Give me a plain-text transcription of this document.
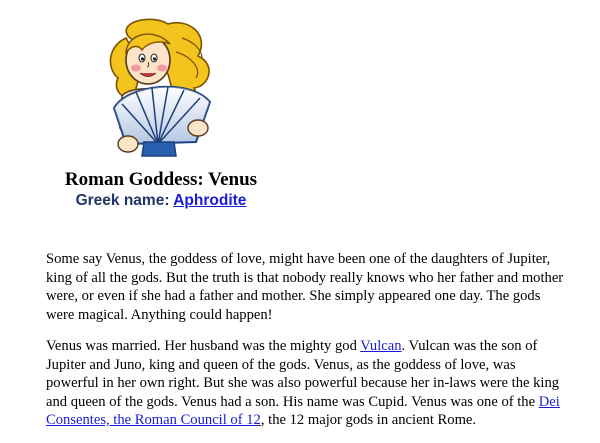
Roman Goddess: Venus
Greek name: Aphrodite

Some say Venus, the goddess of love, might have been one of the daughters of Jupiter, king of all the gods. But the truth is that nobody really knows who her father and mother were, or even if she had a father and mother. She simply appeared one day. The gods were magical. Anything could happen!

Venus was married. Her husband was the mighty god Vulcan. Vulcan was the son of Jupiter and Juno, king and queen of the gods. Venus, as the goddess of love, was powerful in her own right. But she was also powerful because her in-laws were the king and queen of the gods. Venus had a son. His name was Cupid. Venus was one of the Dei Consentes, the Roman Council of 12, the 12 major gods in ancient Rome.
